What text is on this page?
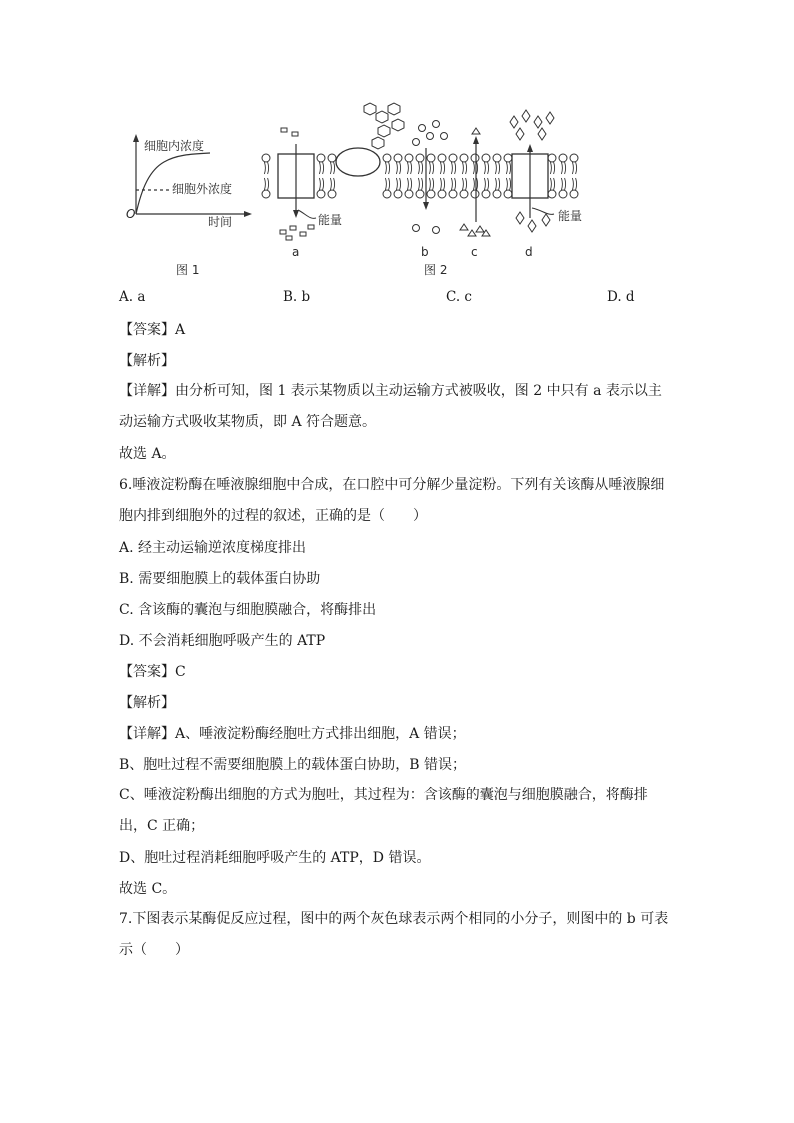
细胞内浓度
细胞外浓度
O
时间
图 1
能量	能量
a	b	c	d
图 2
A. a	B. b	C. c	D. d
【答案】A
【解析】
【详解】由分析可知，图 1 表示某物质以主动运输方式被吸收，图 2 中只有 a 表示以主动运输方式吸收某物质，即 A 符合题意。
故选 A。
6.唾液淀粉酶在唾液腺细胞中合成，在口腔中可分解少量淀粉。下列有关该酶从唾液腺细胞内排到细胞外的过程的叙述，正确的是（　　）
A. 经主动运输逆浓度梯度排出
B. 需要细胞膜上的载体蛋白协助
C. 含该酶的囊泡与细胞膜融合，将酶排出
D. 不会消耗细胞呼吸产生的 ATP
【答案】C
【解析】
【详解】A、唾液淀粉酶经胞吐方式排出细胞，A 错误；
B、胞吐过程不需要细胞膜上的载体蛋白协助，B 错误；
C、唾液淀粉酶出细胞的方式为胞吐，其过程为：含该酶的囊泡与细胞膜融合，将酶排出，C 正确；
D、胞吐过程消耗细胞呼吸产生的 ATP，D 错误。
故选 C。
7.下图表示某酶促反应过程，图中的两个灰色球表示两个相同的小分子，则图中的 b 可表示（　　）
